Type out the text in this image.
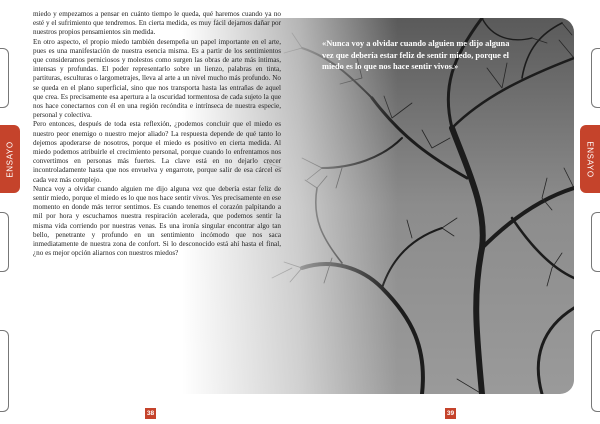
ENSAYO	ENSAYO

miedo y empezamos a pensar en cuánto tiempo le queda, qué haremos cuando ya no esté y el sufrimiento que tendremos. En cierta medida, es muy fácil dejarnos dañar por nuestros propios pensamientos sin medida.

En otro aspecto, el propio miedo también desempeña un papel importante en el arte, pues es una manifestación de nuestra esencia misma. Es a partir de los sentimientos que consideramos perniciosos y molestos como surgen las obras de arte más íntimas, intensas y profundas. El poder representarlo sobre un lienzo, palabras en tinta, partituras, esculturas o largometrajes, lleva al arte a un nivel mucho más profundo. No se queda en el plano superficial, sino que nos transporta hasta las entrañas de aquel que crea. Es precisamente esa apertura a la oscuridad tormentosa de cada sujeto la que nos hace conectarnos con él en una región recóndita e intrínseca de nuestra especie, personal y colectiva.

Pero entonces, después de toda esta reflexión, ¿podemos concluir que el miedo es nuestro peor enemigo o nuestro mejor aliado? La respuesta depende de qué tanto lo dejemos apoderarse de nosotros, porque el miedo es positivo en cierta medida. Al miedo podemos atribuirle el crecimiento personal, porque cuando lo enfrentamos nos convertimos en personas más fuertes. La clave está en no dejarlo crecer incontroladamente hasta que nos envuelva y engarrote, porque salir de esa cárcel es cada vez más complejo.

Nunca voy a olvidar cuando alguien me dijo alguna vez que debería estar feliz de sentir miedo, porque el miedo es lo que nos hace sentir vivos. Yes precisamente en ese momento en donde más terror sentimos. Es cuando tenemos el corazón palpitando a mil por hora y escuchamos nuestra respiración acelerada, que podemos sentir la misma vida corriendo por nuestras venas. Es una ironía singular encontrar algo tan bello, penetrante y profundo en un sentimiento incómodo que nos saca inmediatamente de nuestra zona de confort. Si lo desconocido está ahí hasta el final, ¿no es mejor opción aliarnos con nuestros miedos?

«Nunca voy a olvidar cuando alguien me dijo alguna vez que debería estar feliz de sentir miedo, porque el miedo es lo que nos hace sentir vivos.»
38	39
